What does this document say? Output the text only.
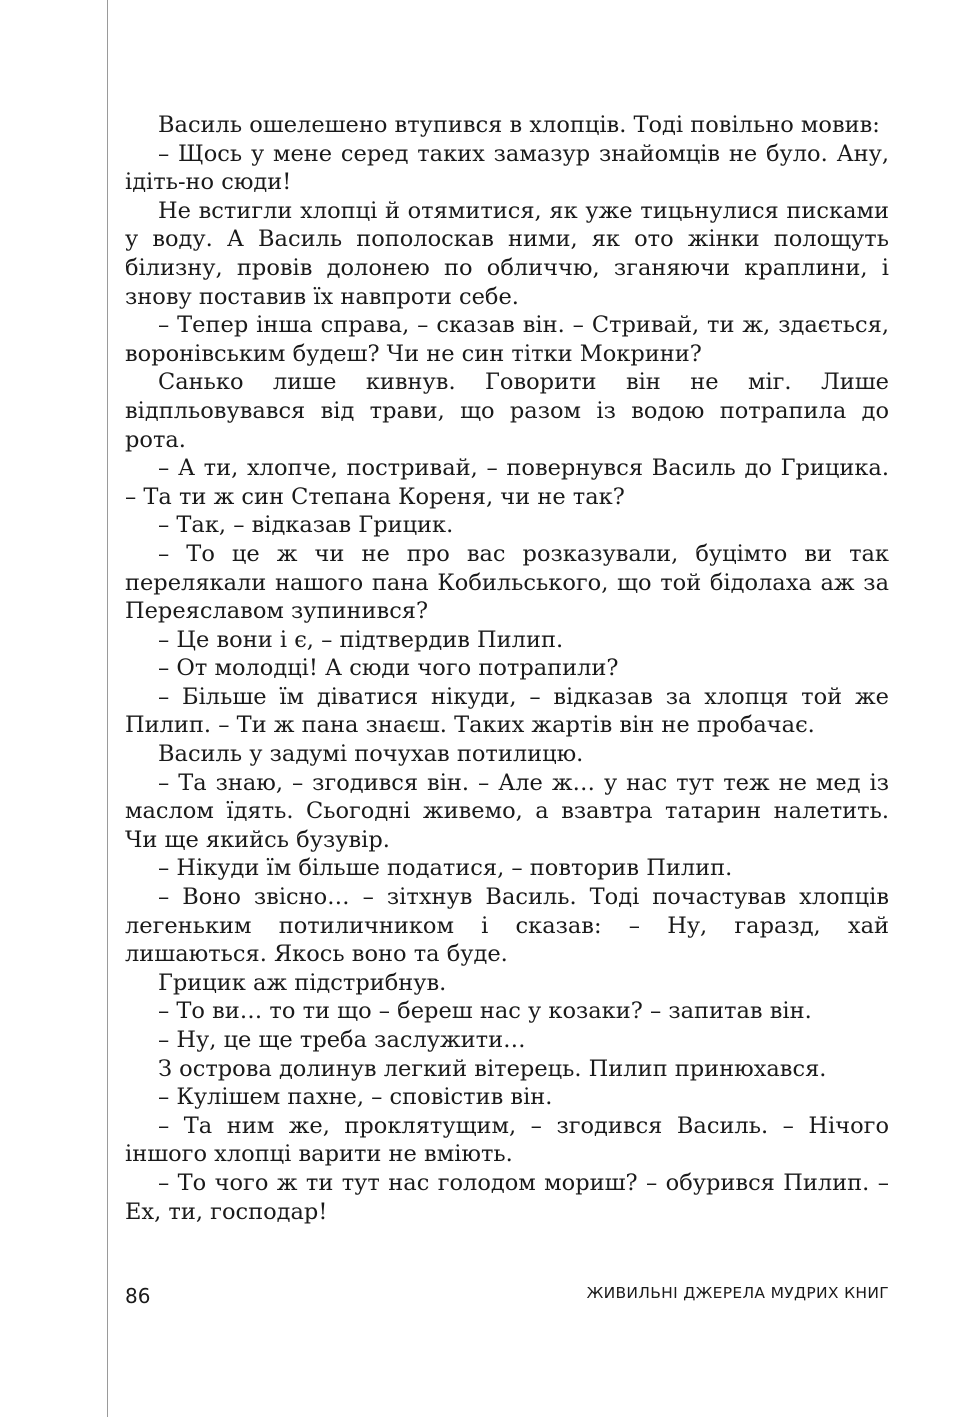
Василь ошелешено втупився в хлопців. Тоді повільно мовив:

– Щось у мене серед таких замазур знайомців не було. Ану, ідіть-но сюди!

Не встигли хлопці й отямитися, як уже тицьнулися писками у воду. А Василь пополоскав ними, як ото жінки полощуть білизну, провів долонею по обличчю, зганяючи краплини, і знову поставив їх навпроти себе.

– Тепер інша справа, – сказав він. – Стривай, ти ж, здається, воронівським будеш? Чи не син тітки Мокрини?

Санько лише кивнув. Говорити він не міг. Лише відпльовувався від трави, що разом із водою потрапила до рота.

– А ти, хлопче, постривай, – повернувся Василь до Грицика. – Та ти ж син Степана Кореня, чи не так?

– Так, – відказав Грицик.

– То це ж чи не про вас розказували, буцімто ви так перелякали нашого пана Кобильського, що той бідолаха аж за Переяславом зупинився?

– Це вони і є, – підтвердив Пилип.

– От молодці! А сюди чого потрапили?

– Більше їм діватися нікуди, – відказав за хлопця той же Пилип. – Ти ж пана знаєш. Таких жартів він не пробачає.

Василь у задумі почухав потилицю.

– Та знаю, – згодився він. – Але ж… у нас тут теж не мед із маслом їдять. Сьогодні живемо, а взавтра татарин налетить. Чи ще якийсь бузувір.

– Нікуди їм більше податися, – повторив Пилип.

– Воно звісно… – зітхнув Василь. Тоді почастував хлопців легеньким потиличником і сказав: – Ну, гаразд, хай лишаються. Якось воно та буде.

Грицик аж підстрибнув.

– То ви… то ти що – береш нас у козаки? – запитав він.

– Ну, це ще треба заслужити…

З острова долинув легкий вітерець. Пилип принюхався.

– Кулішем пахне, – сповістив він.

– Та ним же, проклятущим, – згодився Василь. – Нічого іншого хлопці варити не вміють.

– То чого ж ти тут нас голодом мориш? – обурився Пилип. – Ех, ти, господар!

86	ЖИВИЛЬНІ ДЖЕРЕЛА МУДРИХ КНИГ
